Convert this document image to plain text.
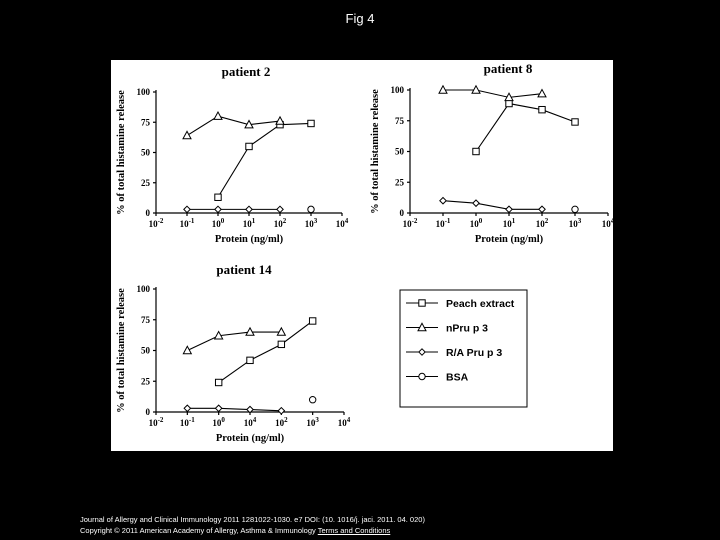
Fig 4
patient 2
0
25
50
75
100
$10^{-2}$ $10^{-1}$ $10^0$ $10^1$ $10^2$ $10^3$ $10^4$
Protein (ng/ml)
% of total histamine release
patient 8
0
25
50
75
100
$10^{-2}$ $10^{-1}$ $10^0$ $10^1$ $10^2$ $10^3$ $10^4$
Protein (ng/ml)
% of total histamine release
patient 14
0
25
50
75
100
$10^{-2}$ $10^{-1}$ $10^0$ $10^4$ $10^2$ $10^3$ $10^4$
Protein (ng/ml)
% of total histamine release	Peach extract
nPru p 3
R/A Pru p 3
BSA
Journal of Allergy and Clinical Immunology 2011 1281022-1030. e7 DOI: (10. 1016/j. jaci. 2011. 04. 020)
Copyright © 2011 American Academy of Allergy, Asthma & Immunology Terms and Conditions
